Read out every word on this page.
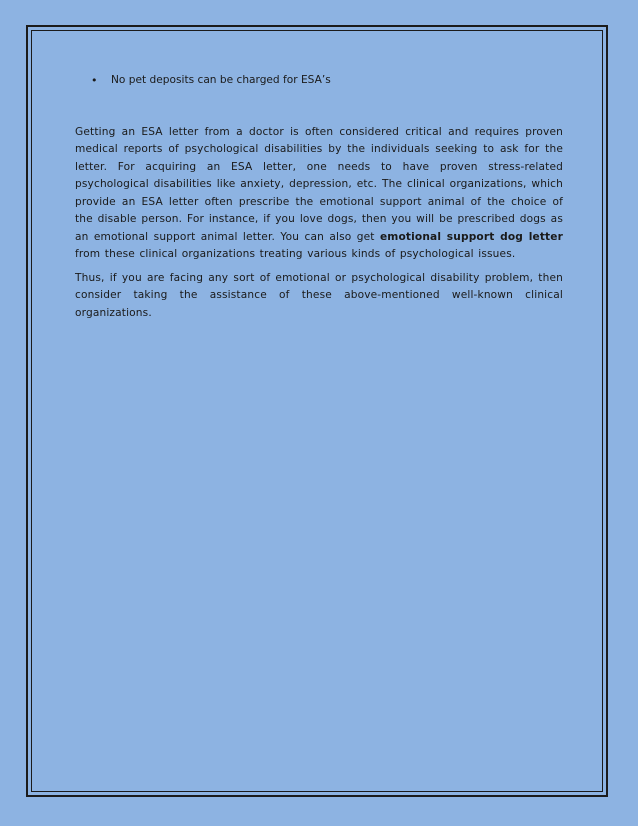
•	No pet deposits can be charged for ESA’s

Getting an ESA letter from a doctor is often considered critical and requires proven medical reports of psychological disabilities by the individuals seeking to ask for the letter. For acquiring an ESA letter, one needs to have proven stress-related psychological disabilities like anxiety, depression, etc. The clinical organizations, which provide an ESA letter often prescribe the emotional support animal of the choice of the disable person. For instance, if you love dogs, then you will be prescribed dogs as an emotional support animal letter. You can also get emotional support dog letter from these clinical organizations treating various kinds of psychological issues.

Thus, if you are facing any sort of emotional or psychological disability problem, then consider taking the assistance of these above-mentioned well-known clinical organizations.
